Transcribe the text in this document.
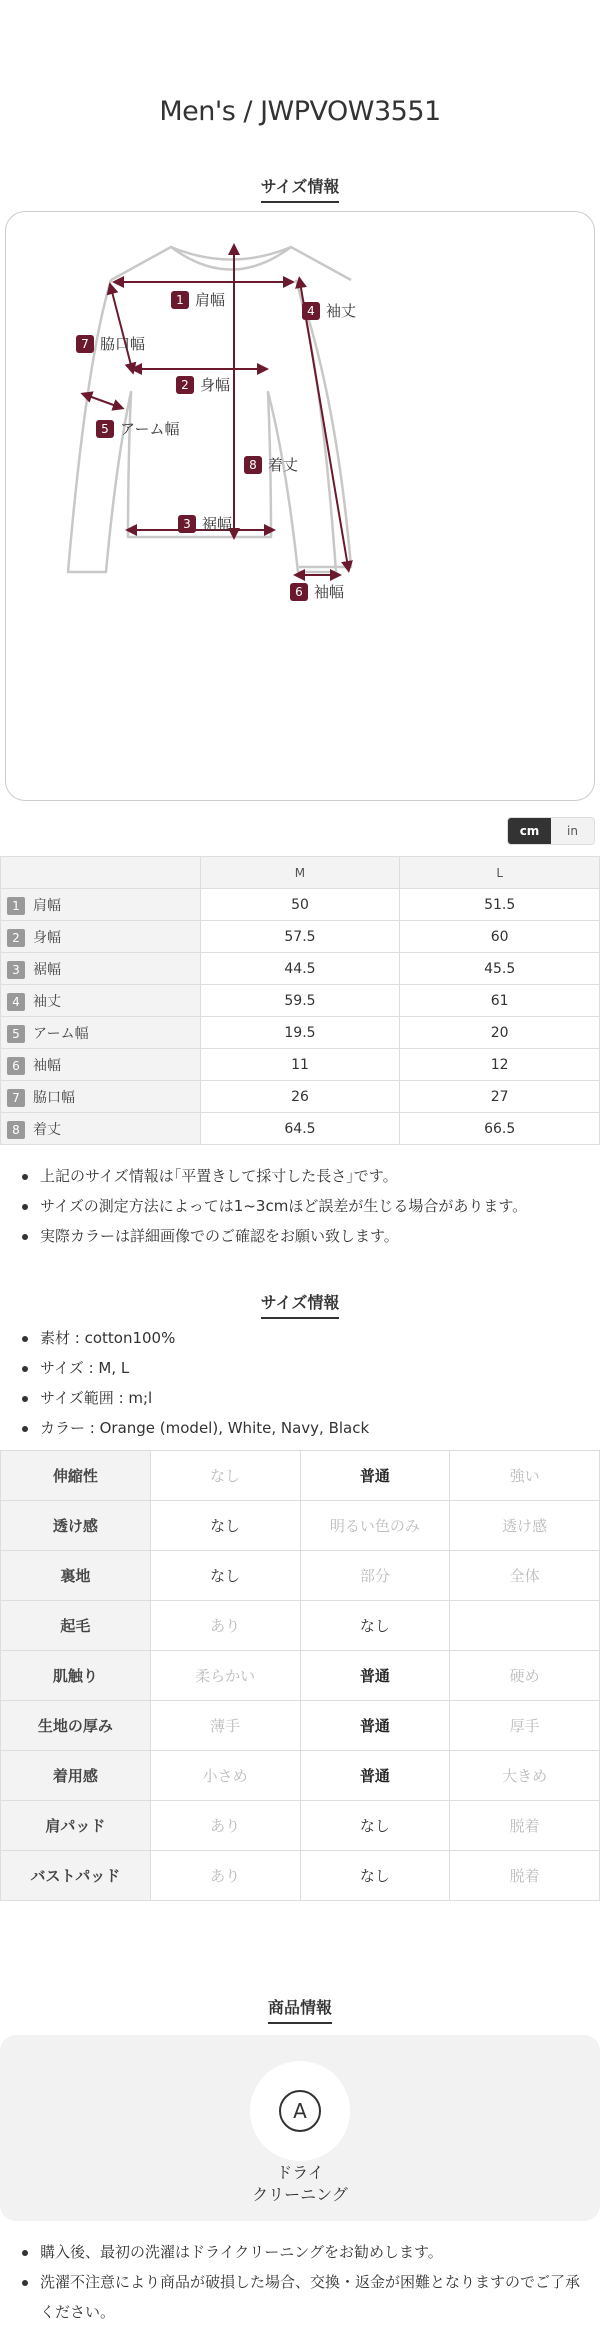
Men's / JWPVOW3551
サイズ情報
1 肩幅
2 身幅
3 裾幅
4 袖丈
5 アーム幅
6 袖幅
7 脇口幅
8 着丈
cm	in
	M	L
1 肩幅	50	51.5
2 身幅	57.5	60
3 裾幅	44.5	45.5
4 袖丈	59.5	61
5 アーム幅	19.5	20
6 袖幅	11	12
7 脇口幅	26	27
8 着丈	64.5	66.5
上記のサイズ情報は｢平置きして採寸した長さ｣です。
サイズの測定方法によっては1~3cmほど誤差が生じる場合があります。
実際カラーは詳細画像でのご確認をお願い致します。
サイズ情報
素材 : cotton100%
サイズ : M, L
サイズ範囲 : m;l
カラー : Orange (model), White, Navy, Black
伸縮性	なし	普通	強い
透け感	なし	明るい色のみ	透け感
裏地	なし	部分	全体
起毛	あり	なし	
肌触り	柔らかい	普通	硬め
生地の厚み	薄手	普通	厚手
着用感	小さめ	普通	大きめ
肩パッド	あり	なし	脱着
バストパッド	あり	なし	脱着
商品情報
A
ドライ
クリーニング
購入後、最初の洗濯はドライクリーニングをお勧めします。
洗濯不注意により商品が破損した場合、交換・返金が困難となりますのでご了承ください。
